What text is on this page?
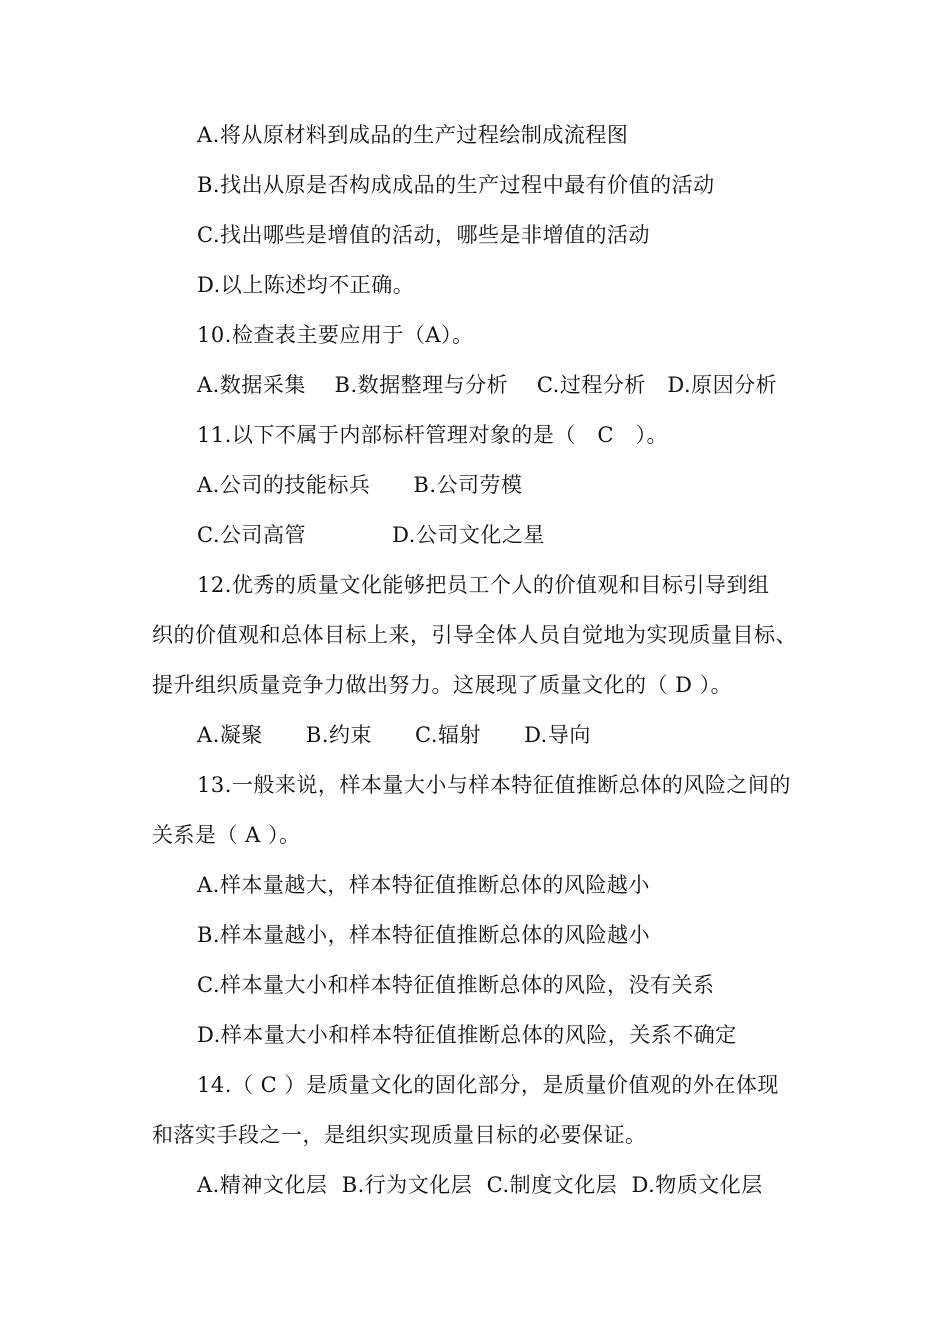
A.将从原材料到成品的生产过程绘制成流程图
B.找出从原是否构成成品的生产过程中最有价值的活动
C.找出哪些是增值的活动，哪些是非增值的活动
D.以上陈述均不正确。
10.检查表主要应用于（A）。
A.数据采集    B.数据整理与分析    C.过程分析   D.原因分析
11.以下不属于内部标杆管理对象的是（   C   ）。
A.公司的技能标兵      B.公司劳模
C.公司高管            D.公司文化之星
12.优秀的质量文化能够把员工个人的价值观和目标引导到组
织的价值观和总体目标上来，引导全体人员自觉地为实现质量目标、
提升组织质量竞争力做出努力。这展现了质量文化的（ D ）。
A.凝聚      B.约束      C.辐射      D.导向
13.一般来说，样本量大小与样本特征值推断总体的风险之间的
关系是（ A ）。
A.样本量越大，样本特征值推断总体的风险越小
B.样本量越小，样本特征值推断总体的风险越小
C.样本量大小和样本特征值推断总体的风险，没有关系
D.样本量大小和样本特征值推断总体的风险，关系不确定
14.（ C ）是质量文化的固化部分，是质量价值观的外在体现
和落实手段之一，是组织实现质量目标的必要保证。
A.精神文化层  B.行为文化层  C.制度文化层  D.物质文化层
